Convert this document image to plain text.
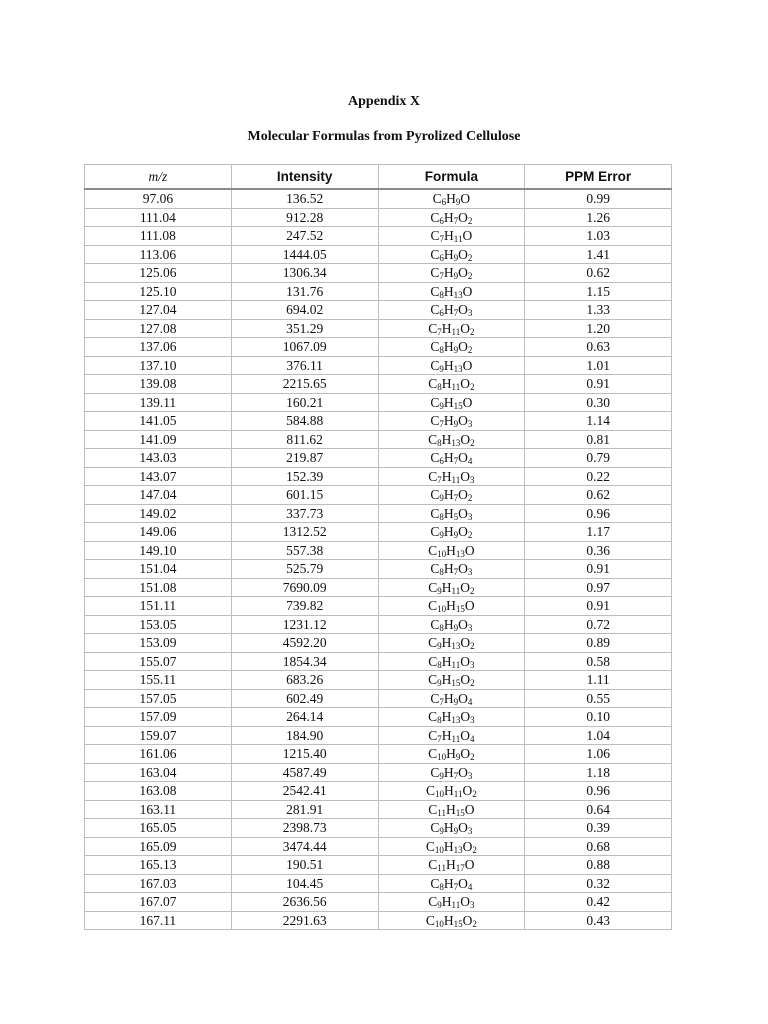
Appendix X
Molecular Formulas from Pyrolized Cellulose
m/z	Intensity	Formula	PPM Error
97.06	136.52	$C_6H_9O$	0.99
111.04	912.28	$C_6H_7O_2$	1.26
111.08	247.52	$C_7H_{11}O$	1.03
113.06	1444.05	$C_6H_9O_2$	1.41
125.06	1306.34	$C_7H_9O_2$	0.62
125.10	131.76	$C_8H_{13}O$	1.15
127.04	694.02	$C_6H_7O_3$	1.33
127.08	351.29	$C_7H_{11}O_2$	1.20
137.06	1067.09	$C_8H_9O_2$	0.63
137.10	376.11	$C_9H_{13}O$	1.01
139.08	2215.65	$C_8H_{11}O_2$	0.91
139.11	160.21	$C_9H_{15}O$	0.30
141.05	584.88	$C_7H_9O_3$	1.14
141.09	811.62	$C_8H_{13}O_2$	0.81
143.03	219.87	$C_6H_7O_4$	0.79
143.07	152.39	$C_7H_{11}O_3$	0.22
147.04	601.15	$C_9H_7O_2$	0.62
149.02	337.73	$C_8H_5O_3$	0.96
149.06	1312.52	$C_9H_9O_2$	1.17
149.10	557.38	$C_{10}H_{13}O$	0.36
151.04	525.79	$C_8H_7O_3$	0.91
151.08	7690.09	$C_9H_{11}O_2$	0.97
151.11	739.82	$C_{10}H_{15}O$	0.91
153.05	1231.12	$C_8H_9O_3$	0.72
153.09	4592.20	$C_9H_{13}O_2$	0.89
155.07	1854.34	$C_8H_{11}O_3$	0.58
155.11	683.26	$C_9H_{15}O_2$	1.11
157.05	602.49	$C_7H_9O_4$	0.55
157.09	264.14	$C_8H_{13}O_3$	0.10
159.07	184.90	$C_7H_{11}O_4$	1.04
161.06	1215.40	$C_{10}H_9O_2$	1.06
163.04	4587.49	$C_9H_7O_3$	1.18
163.08	2542.41	$C_{10}H_{11}O_2$	0.96
163.11	281.91	$C_{11}H_{15}O$	0.64
165.05	2398.73	$C_9H_9O_3$	0.39
165.09	3474.44	$C_{10}H_{13}O_2$	0.68
165.13	190.51	$C_{11}H_{17}O$	0.88
167.03	104.45	$C_8H_7O_4$	0.32
167.07	2636.56	$C_9H_{11}O_3$	0.42
167.11	2291.63	$C_{10}H_{15}O_2$	0.43
